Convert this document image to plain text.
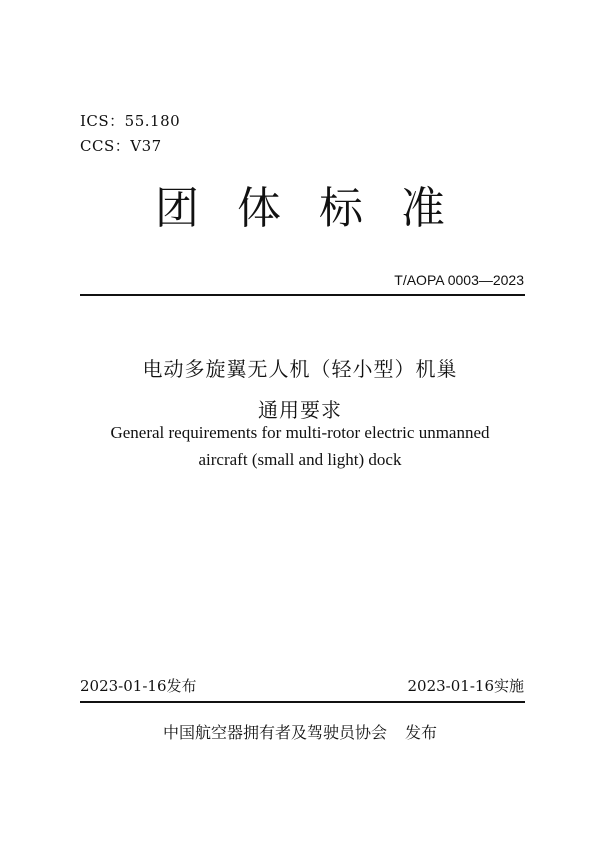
ICS：55.180
CCS：V37
团体标准
T/AOPA 0003—2023
电动多旋翼无人机（轻小型）机巢
通用要求
General requirements for multi-rotor electric unmanned
aircraft (small and light) dock
2023-01-16发布	2023-01-16实施
中国航空器拥有者及驾驶员协会 发布
